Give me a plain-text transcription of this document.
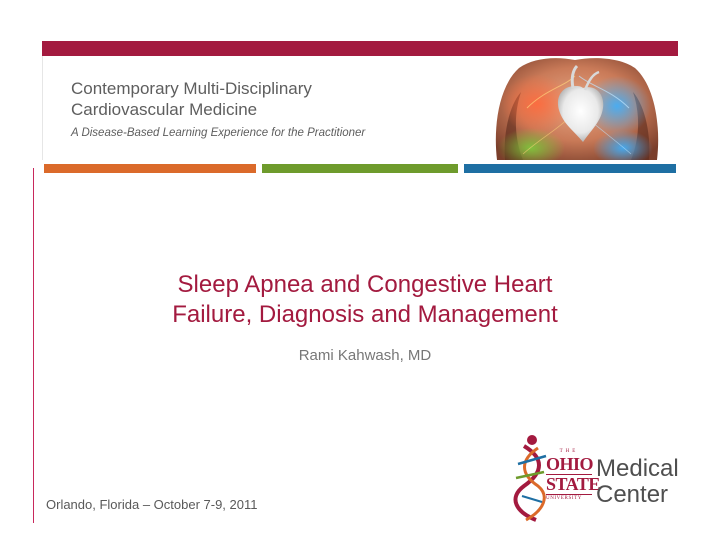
Contemporary Multi-Disciplinary
Cardiovascular Medicine

A Disease-Based Learning Experience for the Practitioner

Sleep Apnea and Congestive Heart
Failure, Diagnosis and Management

Rami Kahwash, MD

Orlando, Florida – October 7-9, 2011

THE
OHIO
STATE
UNIVERSITY

Medical
Center
